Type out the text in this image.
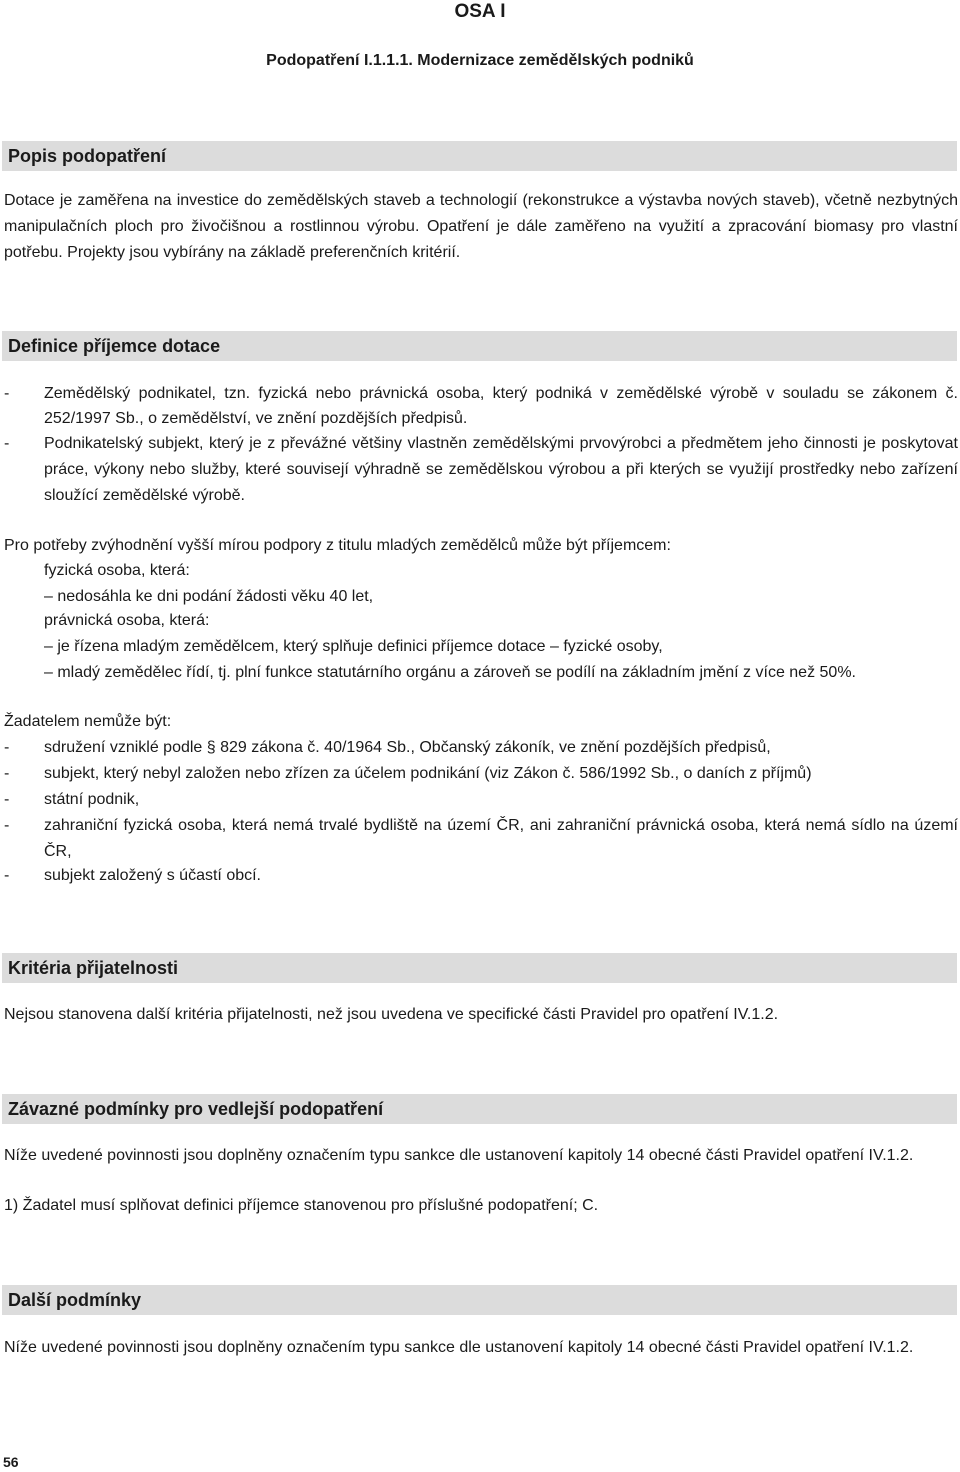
OSA I
Podopatření I.1.1.1. Modernizace zemědělských podniků
Popis podopatření
Dotace je zaměřena na investice do zemědělských staveb a technologií (rekonstrukce a výstavba nových staveb), včetně nezbytných manipulačních ploch pro živočišnou a rostlinnou výrobu. Opatření je dále zaměřeno na využití a zpracování biomasy pro vlastní potřebu. Projekty jsou vybírány na základě preferenčních kritérií.
Definice příjemce dotace
-	Zemědělský podnikatel, tzn. fyzická nebo právnická osoba, který podniká v zemědělské výrobě v souladu se zákonem č. 252/1997 Sb., o zemědělství, ve znění pozdějších předpisů.
-	Podnikatelský subjekt, který je z převážné většiny vlastněn zemědělskými prvovýrobci a předmětem jeho činnosti je poskytovat práce, výkony nebo služby, které souvisejí výhradně se zemědělskou výrobou a při kterých se využijí prostředky nebo zařízení sloužící zemědělské výrobě.
Pro potřeby zvýhodnění vyšší mírou podpory z titulu mladých zemědělců může být příjemcem:
fyzická osoba, která:
– nedosáhla ke dni podání žádosti věku 40 let,
právnická osoba, která:
– je řízena mladým zemědělcem, který splňuje definici příjemce dotace – fyzické osoby,
– mladý zemědělec řídí, tj. plní funkce statutárního orgánu a zároveň se podílí na základním jmění z více než 50%.
Žadatelem nemůže být:
-	sdružení vzniklé podle § 829 zákona č. 40/1964 Sb., Občanský zákoník, ve znění pozdějších předpisů,
-	subjekt, který nebyl založen nebo zřízen za účelem podnikání (viz Zákon č. 586/1992 Sb., o daních z příjmů)
-	státní podnik,
-	zahraniční fyzická osoba, která nemá trvalé bydliště na území ČR, ani zahraniční právnická osoba, která nemá sídlo na území ČR,
-	subjekt založený s účastí obcí.
Kritéria přijatelnosti
Nejsou stanovena další kritéria přijatelnosti, než jsou uvedena ve specifické části Pravidel pro opatření IV.1.2.
Závazné podmínky pro vedlejší podopatření
Níže uvedené povinnosti jsou doplněny označením typu sankce dle ustanovení kapitoly 14 obecné části Pravidel opatření IV.1.2.
1) Žadatel musí splňovat definici příjemce stanovenou pro příslušné podopatření; C.
Další podmínky
Níže uvedené povinnosti jsou doplněny označením typu sankce dle ustanovení kapitoly 14 obecné části Pravidel opatření IV.1.2.
56
